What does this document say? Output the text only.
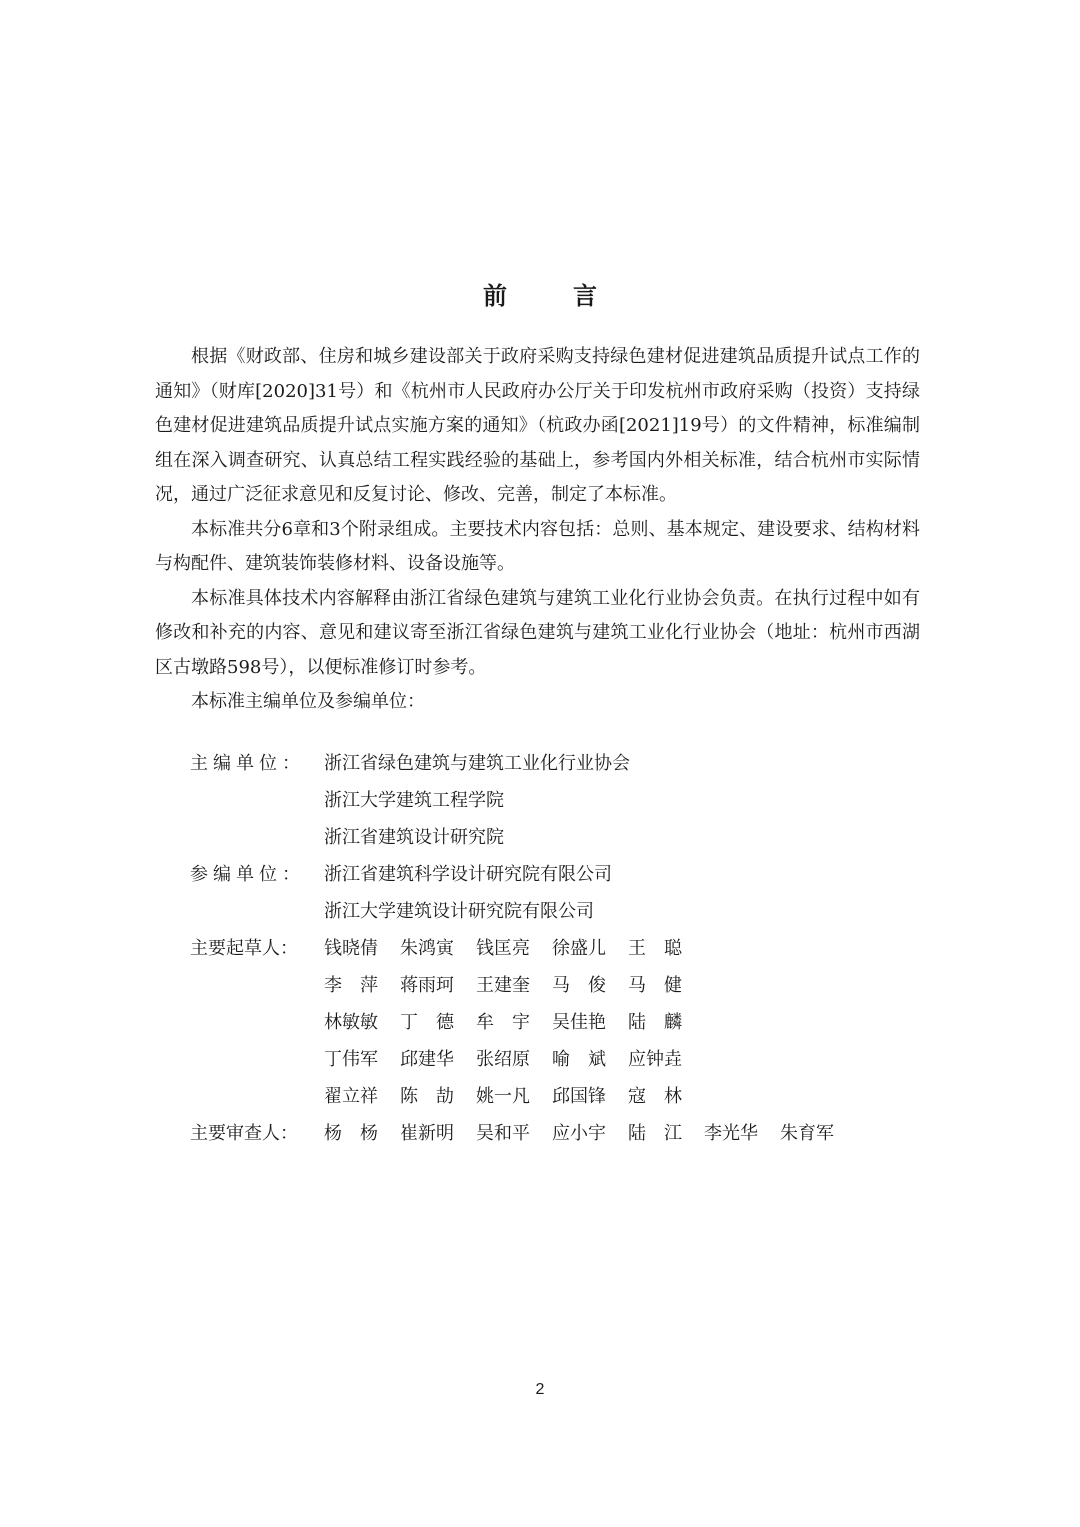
前言

根据《财政部、住房和城乡建设部关于政府采购支持绿色建材促进建筑品质提升试点工作的通知》（财库[2020]31号）和《杭州市人民政府办公厅关于印发杭州市政府采购（投资）支持绿色建材促进建筑品质提升试点实施方案的通知》（杭政办函[2021]19号）的文件精神，标准编制组在深入调查研究、认真总结工程实践经验的基础上，参考国内外相关标准，结合杭州市实际情况，通过广泛征求意见和反复讨论、修改、完善，制定了本标准。

本标准共分6章和3个附录组成。主要技术内容包括：总则、基本规定、建设要求、结构材料与构配件、建筑装饰装修材料、设备设施等。

本标准具体技术内容解释由浙江省绿色建筑与建筑工业化行业协会负责。在执行过程中如有修改和补充的内容、意见和建议寄至浙江省绿色建筑与建筑工业化行业协会（地址：杭州市西湖区古墩路598号），以便标准修订时参考。

本标准主编单位及参编单位：

主编单位：	浙江省绿色建筑与建筑工业化行业协会
浙江大学建筑工程学院
浙江省建筑设计研究院
参编单位：	浙江省建筑科学设计研究院有限公司
浙江大学建筑设计研究院有限公司
主要起草人：	钱晓倩	朱鸿寅	钱匡亮	徐盛儿	王　聪
李　萍	蒋雨珂	王建奎	马　俊	马　健
林敏敏	丁　德	牟　宇	吴佳艳	陆　麟
丁伟军	邱建华	张绍原	喻　斌	应钟垚
翟立祥	陈　劼	姚一凡	邱国锋	寇　林
主要审查人：	杨　杨	崔新明	吴和平	应小宇	陆　江	李光华	朱育军
2
